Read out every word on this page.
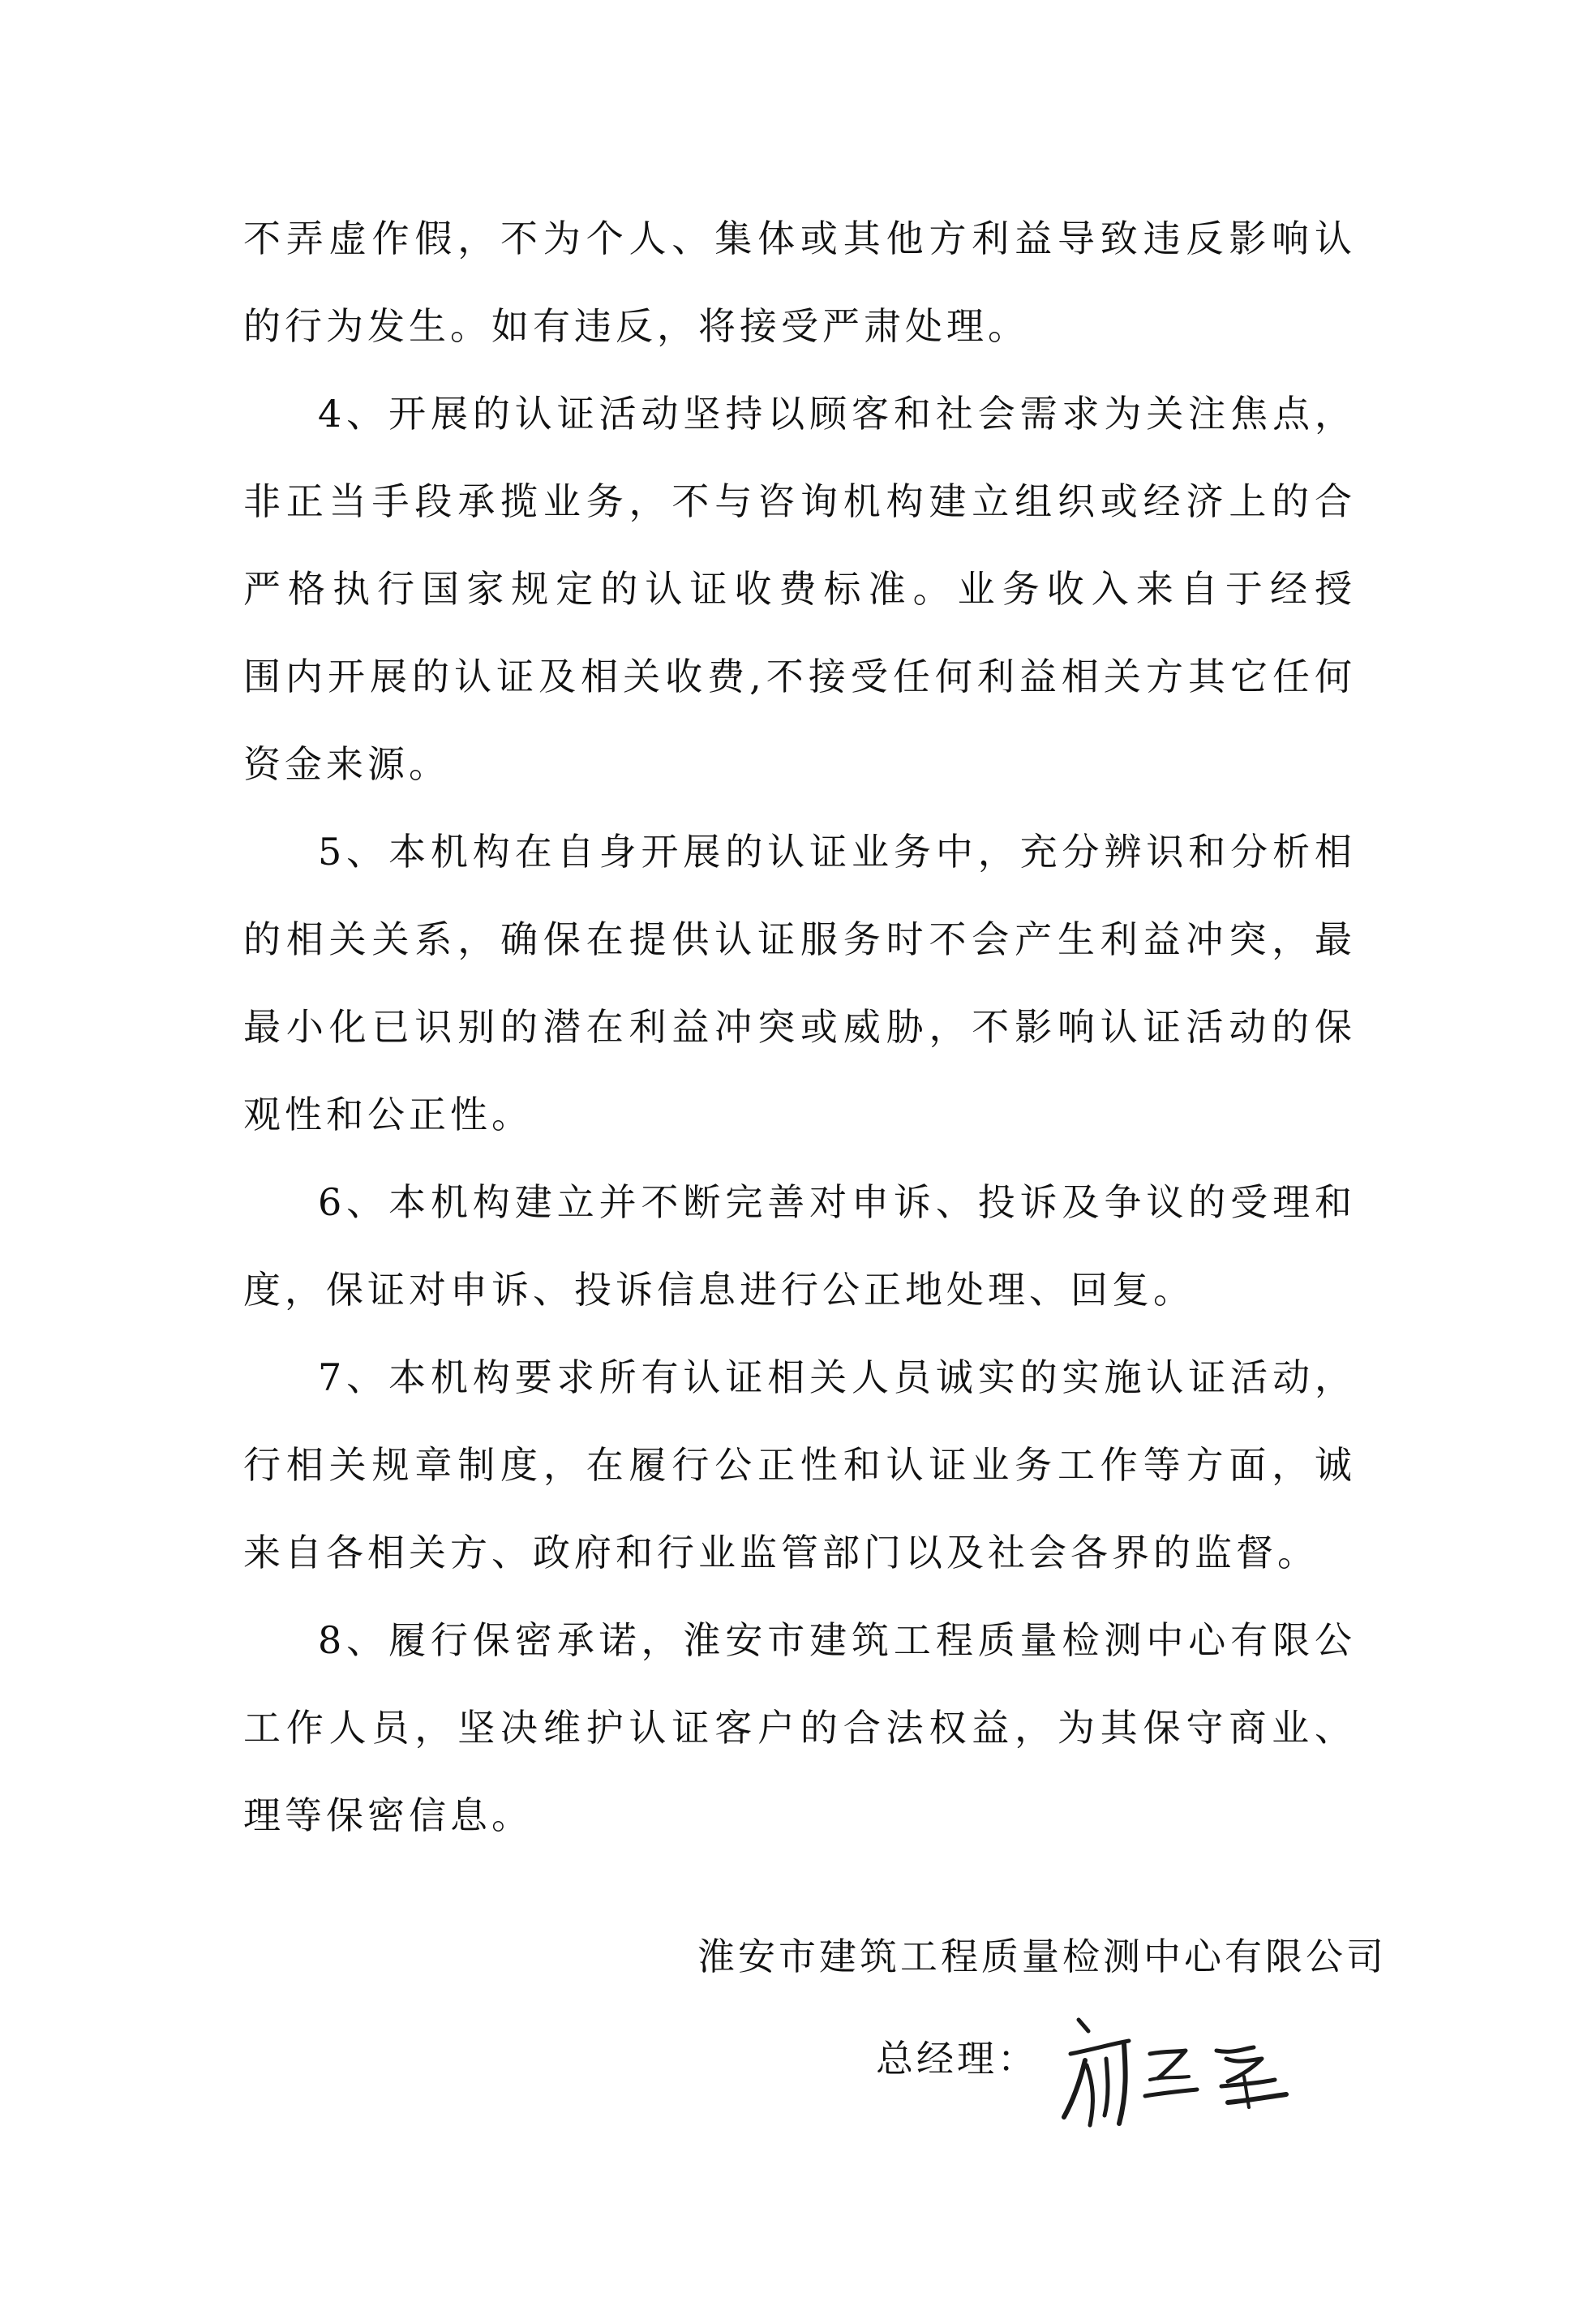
不弄虚作假，不为个人、集体或其他方利益导致违反影响认
的行为发生。如有违反，将接受严肃处理。
4、开展的认证活动坚持以顾客和社会需求为关注焦点，
非正当手段承揽业务，不与咨询机构建立组织或经济上的合
严格执行国家规定的认证收费标准。业务收入来自于经授
围内开展的认证及相关收费,不接受任何利益相关方其它任何
资金来源。
5、本机构在自身开展的认证业务中，充分辨识和分析相
的相关关系，确保在提供认证服务时不会产生利益冲突，最
最小化已识别的潜在利益冲突或威胁，不影响认证活动的保
观性和公正性。
6、本机构建立并不断完善对申诉、投诉及争议的受理和
度，保证对申诉、投诉信息进行公正地处理、回复。
7、本机构要求所有认证相关人员诚实的实施认证活动，
行相关规章制度，在履行公正性和认证业务工作等方面，诚
来自各相关方、政府和行业监管部门以及社会各界的监督。
8、履行保密承诺，淮安市建筑工程质量检测中心有限公
工作人员，坚决维护认证客户的合法权益，为其保守商业、
理等保密信息。
淮安市建筑工程质量检测中心有限公司
总经理：
